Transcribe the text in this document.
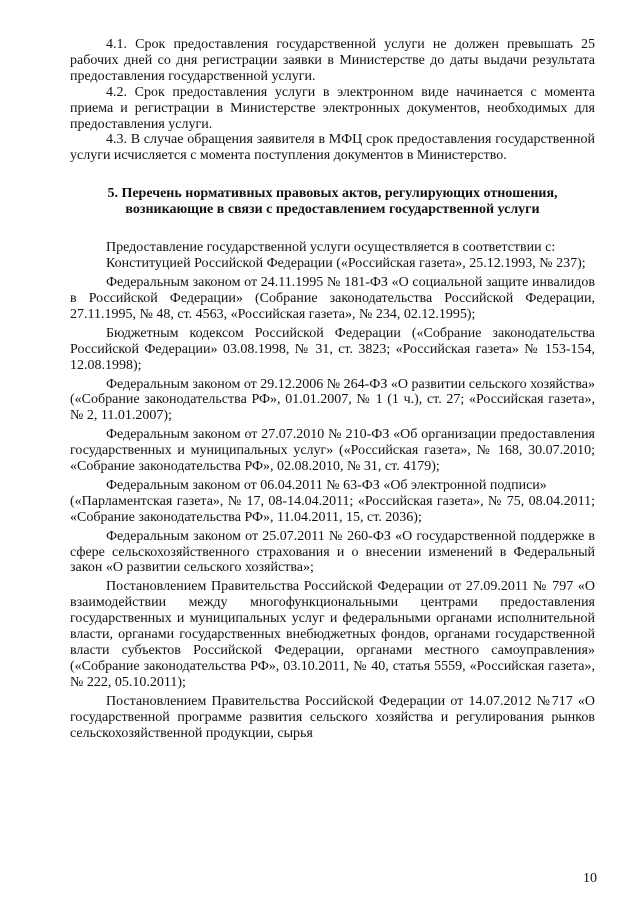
4.1. Срок предоставления государственной услуги не должен превышать 25 рабочих дней со дня регистрации заявки в Министерстве до даты выдачи результата предоставления государственной услуги.

4.2. Срок предоставления услуги в электронном виде начинается с момента приема и регистрации в Министерстве электронных документов, необходимых для предоставления услуги.

4.3. В случае обращения заявителя в МФЦ срок предоставления государственной услуги исчисляется с момента поступления документов в Министерство.

5. Перечень нормативных правовых актов, регулирующих отношения, возникающие в связи с предоставлением государственной услуги

Предоставление государственной услуги осуществляется в соответствии с:

Конституцией Российской Федерации («Российская газета», 25.12.1993, № 237);

Федеральным законом от 24.11.1995 № 181-ФЗ «О социальной защите инвалидов в Российской Федерации» (Собрание законодательства Российской Федерации, 27.11.1995, № 48, ст. 4563, «Российская газета», № 234, 02.12.1995);

Бюджетным кодексом Российской Федерации («Собрание законодательства Российской Федерации» 03.08.1998, № 31, ст. 3823; «Российская газета» № 153-154, 12.08.1998);

Федеральным законом от 29.12.2006 № 264-ФЗ «О развитии сельского хозяйства» («Собрание законодательства РФ», 01.01.2007, № 1 (1 ч.), ст. 27; «Российская газета», № 2, 11.01.2007);

Федеральным законом от 27.07.2010 № 210-ФЗ «Об организации предоставления государственных и муниципальных услуг» («Российская газета», № 168, 30.07.2010; «Собрание законодательства РФ», 02.08.2010, № 31, ст. 4179);

Федеральным законом от 06.04.2011 № 63-ФЗ «Об электронной подписи»

(«Парламентская газета», № 17, 08-14.04.2011; «Российская газета», № 75, 08.04.2011; «Собрание законодательства РФ», 11.04.2011, 15, ст. 2036);

Федеральным законом от 25.07.2011 № 260-ФЗ «О государственной поддержке в сфере сельскохозяйственного страхования и о внесении изменений в Федеральный закон «О развитии сельского хозяйства»;

Постановлением Правительства Российской Федерации от 27.09.2011 № 797 «О взаимодействии между многофункциональными центрами предоставления государственных и муниципальных услуг и федеральными органами исполнительной власти, органами государственных внебюджетных фондов, органами государственной власти субъектов Российской Федерации, органами местного самоуправления» («Собрание законодательства РФ», 03.10.2011, № 40, статья 5559, «Российская газета», № 222, 05.10.2011);

Постановлением Правительства Российской Федерации от 14.07.2012 №717 «О государственной программе развития сельского хозяйства и регулирования рынков сельскохозяйственной продукции, сырья

10
